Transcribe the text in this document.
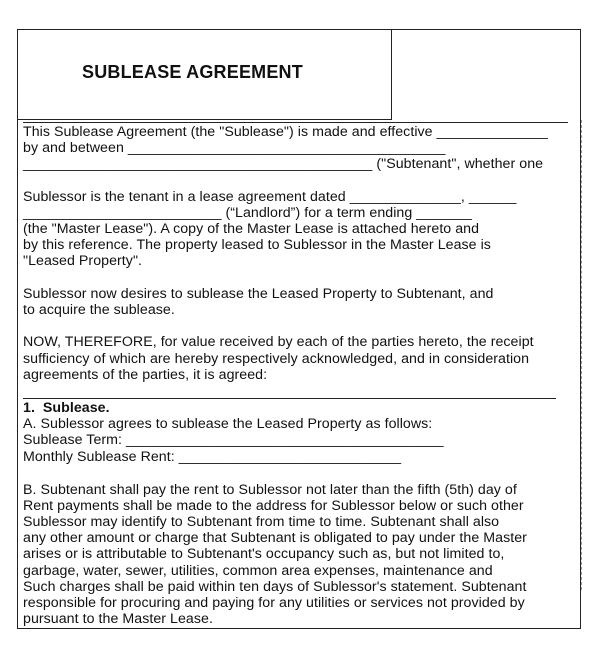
SUBLEASE AGREEMENT
This Sublease Agreement (the "Sublease") is made and effective ______________
by and between ________________________________________
____________________________________________ ("Subtenant", whether one
Sublessor is the tenant in a lease agreement dated ______________, ______
_________________________ (“Landlord”) for a term ending _______
(the "Master Lease"). A copy of the Master Lease is attached hereto and
by this reference. The property leased to Sublessor in the Master Lease is
"Leased Property".
Sublessor now desires to sublease the Leased Property to Subtenant, and
to acquire the sublease.
NOW, THEREFORE, for value received by each of the parties hereto, the receipt
sufficiency of which are hereby respectively acknowledged, and in consideration
agreements of the parties, it is agreed:
1.  Sublease.
A. Sublessor agrees to sublease the Leased Property as follows:
Sublease Term: ________________________________________
Monthly Sublease Rent: ____________________________
B. Subtenant shall pay the rent to Sublessor not later than the fifth (5th) day of
Rent payments shall be made to the address for Sublessor below or such other
Sublessor may identify to Subtenant from time to time. Subtenant shall also
any other amount or charge that Subtenant is obligated to pay under the Master
arises or is attributable to Subtenant's occupancy such as, but not limited to,
garbage, water, sewer, utilities, common area expenses, maintenance and
Such charges shall be paid within ten days of Sublessor's statement. Subtenant
responsible for procuring and paying for any utilities or services not provided by
pursuant to the Master Lease.
